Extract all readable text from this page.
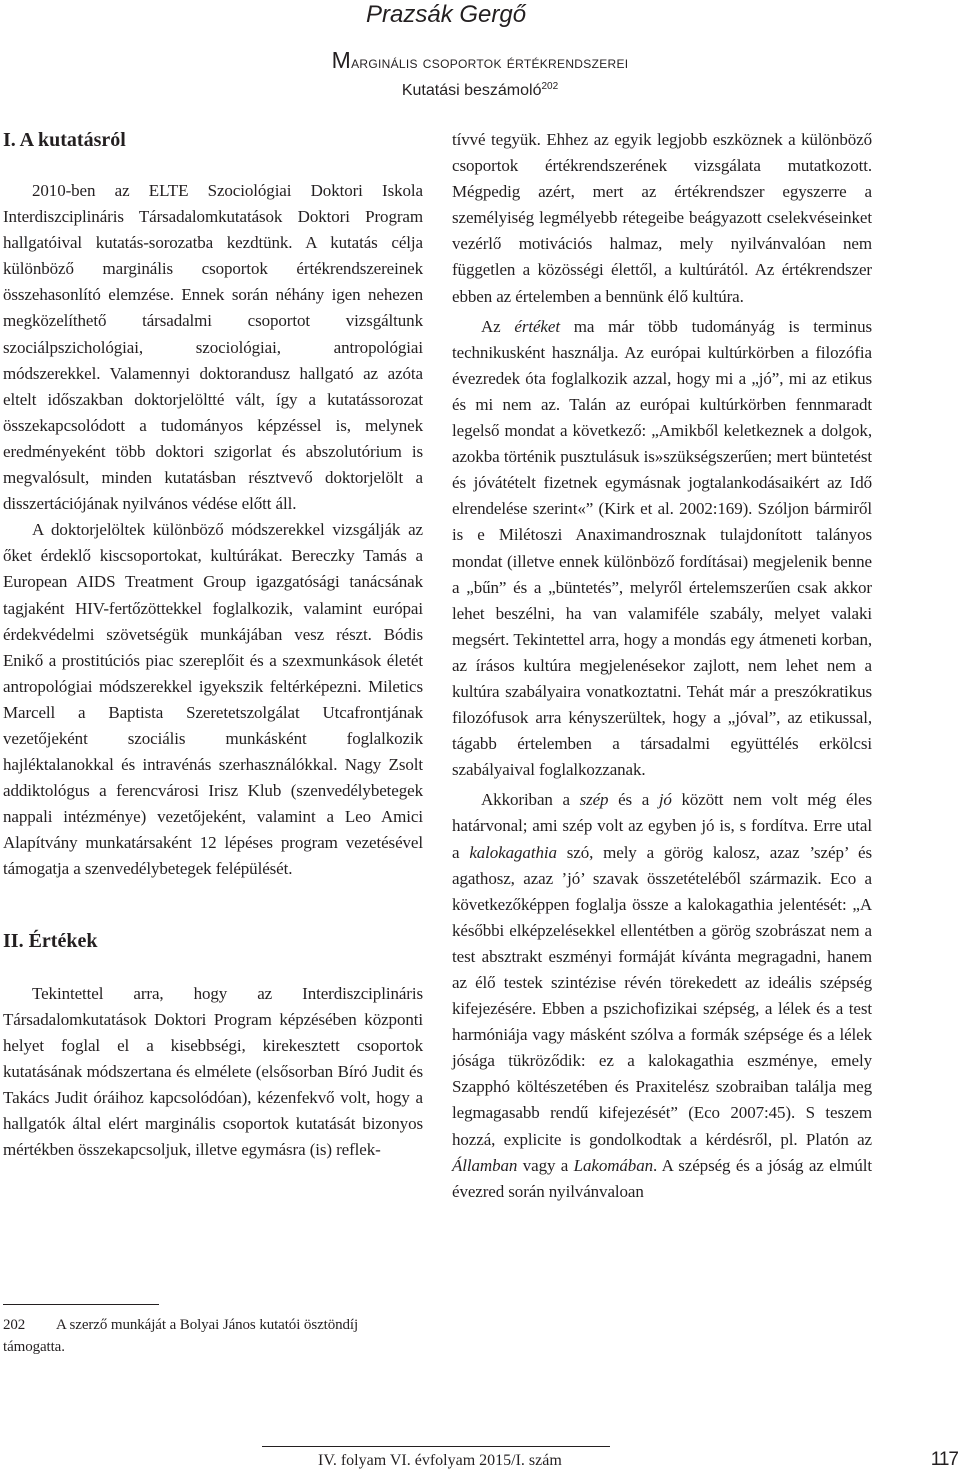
Prazsák Gergő
Marginális csoportok értékrendszerei
Kutatási beszámoló$^{202}$
I. A kutatásról

2010-ben az ELTE Szociológiai Doktori Iskola Interdiszciplináris Társadalomkutatások Doktori Program hallgatóival kutatás-sorozatba kezdtünk. A kutatás célja különböző marginális csoportok értékrendszereinek összehasonlító elemzése. Ennek során néhány igen nehezen megközelíthető társadalmi csoportot vizsgáltunk szociálpszichológiai, szociológiai, antropológiai módszerekkel. Valamennyi doktorandusz hallgató az azóta eltelt időszakban doktorjelöltté vált, így a kutatássorozat összekapcsolódott a tudományos képzéssel is, melynek eredményeként több doktori szigorlat és abszolutórium is megvalósult, minden kutatásban résztvevő doktorjelölt a disszertációjának nyilvános védése előtt áll.

A doktorjelöltek különböző módszerekkel vizsgálják az őket érdeklő kiscsoportokat, kultúrákat. Bereczky Tamás a European AIDS Treatment Group igazgatósági tanácsának tagjaként HIV-fertőzöttekkel foglalkozik, valamint európai érdekvédelmi szövetségük munkájában vesz részt. Bódis Enikő a prostitúciós piac szereplőit és a szexmunkások életét antropológiai módszerekkel igyekszik feltérképezni. Miletics Marcell a Baptista Szeretetszolgálat Utcafrontjának vezetőjeként szociális munkásként foglalkozik hajléktalanokkal és intravénás szerhasználókkal. Nagy Zsolt addiktológus a ferencvárosi Irisz Klub (szenvedélybetegek nappali intézménye) vezetőjeként, valamint a Leo Amici Alapítvány munkatársaként 12 lépéses program vezetésével támogatja a szenvedélybetegek felépülését.

II. Értékek

Tekintettel arra, hogy az Interdiszciplináris Társadalomkutatások Doktori Program képzésében központi helyet foglal el a kisebbségi, kirekesztett csoportok kutatásának módszertana és elmélete (elsősorban Bíró Judit és Takács Judit óráihoz kapcsolódóan), kézenfekvő volt, hogy a hallgatók által elért marginális csoportok kutatását bizonyos mértékben összekapcsoljuk, illetve egymásra (is) reflek-

202 A szerző munkáját a Bolyai János kutatói ösztöndíj támogatta.

tívvé tegyük. Ehhez az egyik legjobb eszköznek a különböző csoportok értékrendszerének vizsgálata mutatkozott. Mégpedig azért, mert az értékrendszer egyszerre a személyiség legmélyebb rétegeibe beágyazott cselekvéseinket vezérlő motivációs halmaz, mely nyilvánvalóan nem független a közösségi élettől, a kultúrától. Az értékrendszer ebben az értelemben a bennünk élő kultúra.

Az értéket ma már több tudományág is terminus technikusként használja. Az európai kultúrkörben a filozófia évezredek óta foglalkozik azzal, hogy mi a „jó”, mi az etikus és mi nem az. Talán az európai kultúrkörben fennmaradt legelső mondat a következő: „Amikből keletkeznek a dolgok, azokba történik pusztulásuk is»szükségszerűen; mert büntetést és jóvátételt fizetnek egymásnak jogtalankodásaikért az Idő elrendelése szerint«” (Kirk et al. 2002:169). Szóljon bármiről is e Milétoszi Anaximandrosznak tulajdonított talányos mondat (illetve ennek különböző fordításai) megjelenik benne a „bűn” és a „büntetés”, melyről értelemszerűen csak akkor lehet beszélni, ha van valamiféle szabály, melyet valaki megsért. Tekintettel arra, hogy a mondás egy átmeneti korban, az írásos kultúra megjelenésekor zajlott, nem lehet nem a kultúra szabályaira vonatkoztatni. Tehát már a preszókratikus filozófusok arra kényszerültek, hogy a „jóval”, az etikussal, tágabb értelemben a társadalmi együttélés erkölcsi szabályaival foglalkozzanak.

Akkoriban a szép és a jó között nem volt még éles határvonal; ami szép volt az egyben jó is, s fordítva. Erre utal a kalokagathia szó, mely a görög kalosz, azaz ’szép’ és agathosz, azaz ’jó’ szavak összetételéből származik. Eco a következőképpen foglalja össze a kalokagathia jelentését: „A későbbi elképzelésekkel ellentétben a görög szobrászat nem a test absztrakt eszményi formáját kívánta megragadni, hanem az élő testek szintézise révén törekedett az ideális szépség kifejezésére. Ebben a pszichofizikai szépség, a lélek és a test harmóniája vagy másként szólva a formák szépsége és a lélek jósága tükröződik: ez a kalokagathia eszménye, emely Szapphó költészetében és Praxitelész szobraiban találja meg legmagasabb rendű kifejezését” (Eco 2007:45). S teszem hozzá, explicite is gondolkodtak a kérdésről, pl. Platón az Államban vagy a Lakomában. A szépség és a jóság az elmúlt évezred során nyilvánvaloan

IV. folyam VI. évfolyam 2015/I. szám	117
